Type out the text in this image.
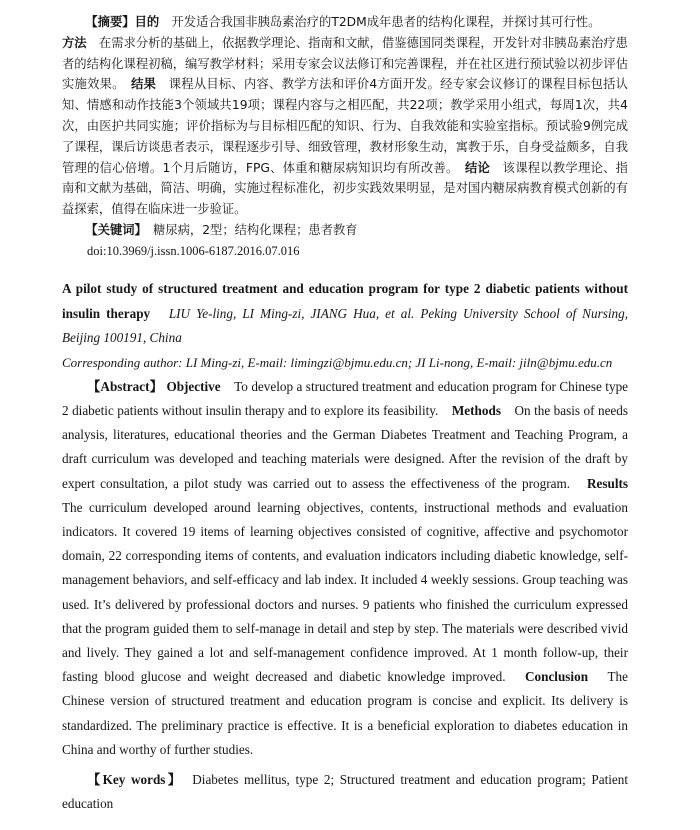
【摘要】目的　 开发适合我国非胰岛素治疗的T2DM成年患者的结构化课程，并探讨其可行性。
方法　 在需求分析的基础上，依据教学理论、指南和文献，借鉴德国同类课程，开发针对非胰岛素治疗患者的结构化课程初稿，编写教学材料；采用专家会议法修订和完善课程，并在社区进行预试验以初步评估实施效果。　 结果　 课程从目标、内容、教学方法和评价4方面开发。经专家会议修订的课程目标包括认知、情感和动作技能3个领域共19项；课程内容与之相匹配，共22项；教学采用小组式，每周1次，共4次，由医护共同实施；评价指标为与目标相匹配的知识、行为、自我效能和实验室指标。预试验9例完成了课程，课后访谈患者表示，课程逐步引导、细致管理，教材形象生动，寓教于乐，自身受益颇多，自我管理的信心倍增。1个月后随访，FPG、体重和糖尿病知识均有所改善。　 结论　 该课程以教学理论、指南和文献为基础，简洁、明确，实施过程标准化，初步实践效果明显，是对国内糖尿病教育模式创新的有益探索，值得在临床进一步验证。

【关键词】　 糖尿病，2型；结构化课程；患者教育

doi:10.3969/j.issn.1006-6187.2016.07.016

A pilot study of structured treatment and education program for type 2 diabetic patients without insulin therapy　 LIU Ye-ling, LI Ming-zi, JIANG Hua, et al. Peking University School of Nursing, Beijing 100191, China

Corresponding author: LI Ming-zi, E-mail: limingzi@bjmu.edu.cn; JI Li-nong, E-mail: jiln@bjmu.edu.cn

【Abstract】 Objective　 To develop a structured treatment and education program for Chinese type 2 diabetic patients without insulin therapy and to explore its feasibility.　 Methods　 On the basis of needs analysis, literatures, educational theories and the German Diabetes Treatment and Teaching Program, a draft curriculum was developed and teaching materials were designed. After the revision of the draft by expert consultation, a pilot study was carried out to assess the effectiveness of the program.　 Results　The curriculum developed around learning objectives, contents, instructional methods and evaluation indicators. It covered 19 items of learning objectives consisted of cognitive, affective and psychomotor domain, 22 corresponding items of contents, and evaluation indicators including diabetic knowledge, self-management behaviors, and self-efficacy and lab index. It included 4 weekly sessions. Group teaching was used. It’s delivered by professional doctors and nurses. 9 patients who finished the curriculum expressed that the program guided them to self-manage in detail and step by step. The materials were described vivid and lively. They gained a lot and self-management confidence improved. At 1 month follow-up, their fasting blood glucose and weight decreased and diabetic knowledge improved.　 Conclusion　 The Chinese version of structured treatment and education program is concise and explicit. Its delivery is standardized. The preliminary practice is effective. It is a beneficial exploration to diabetes education in China and worthy of further studies.

【Key words】　 Diabetes mellitus, type 2; Structured treatment and education program; Patient education
